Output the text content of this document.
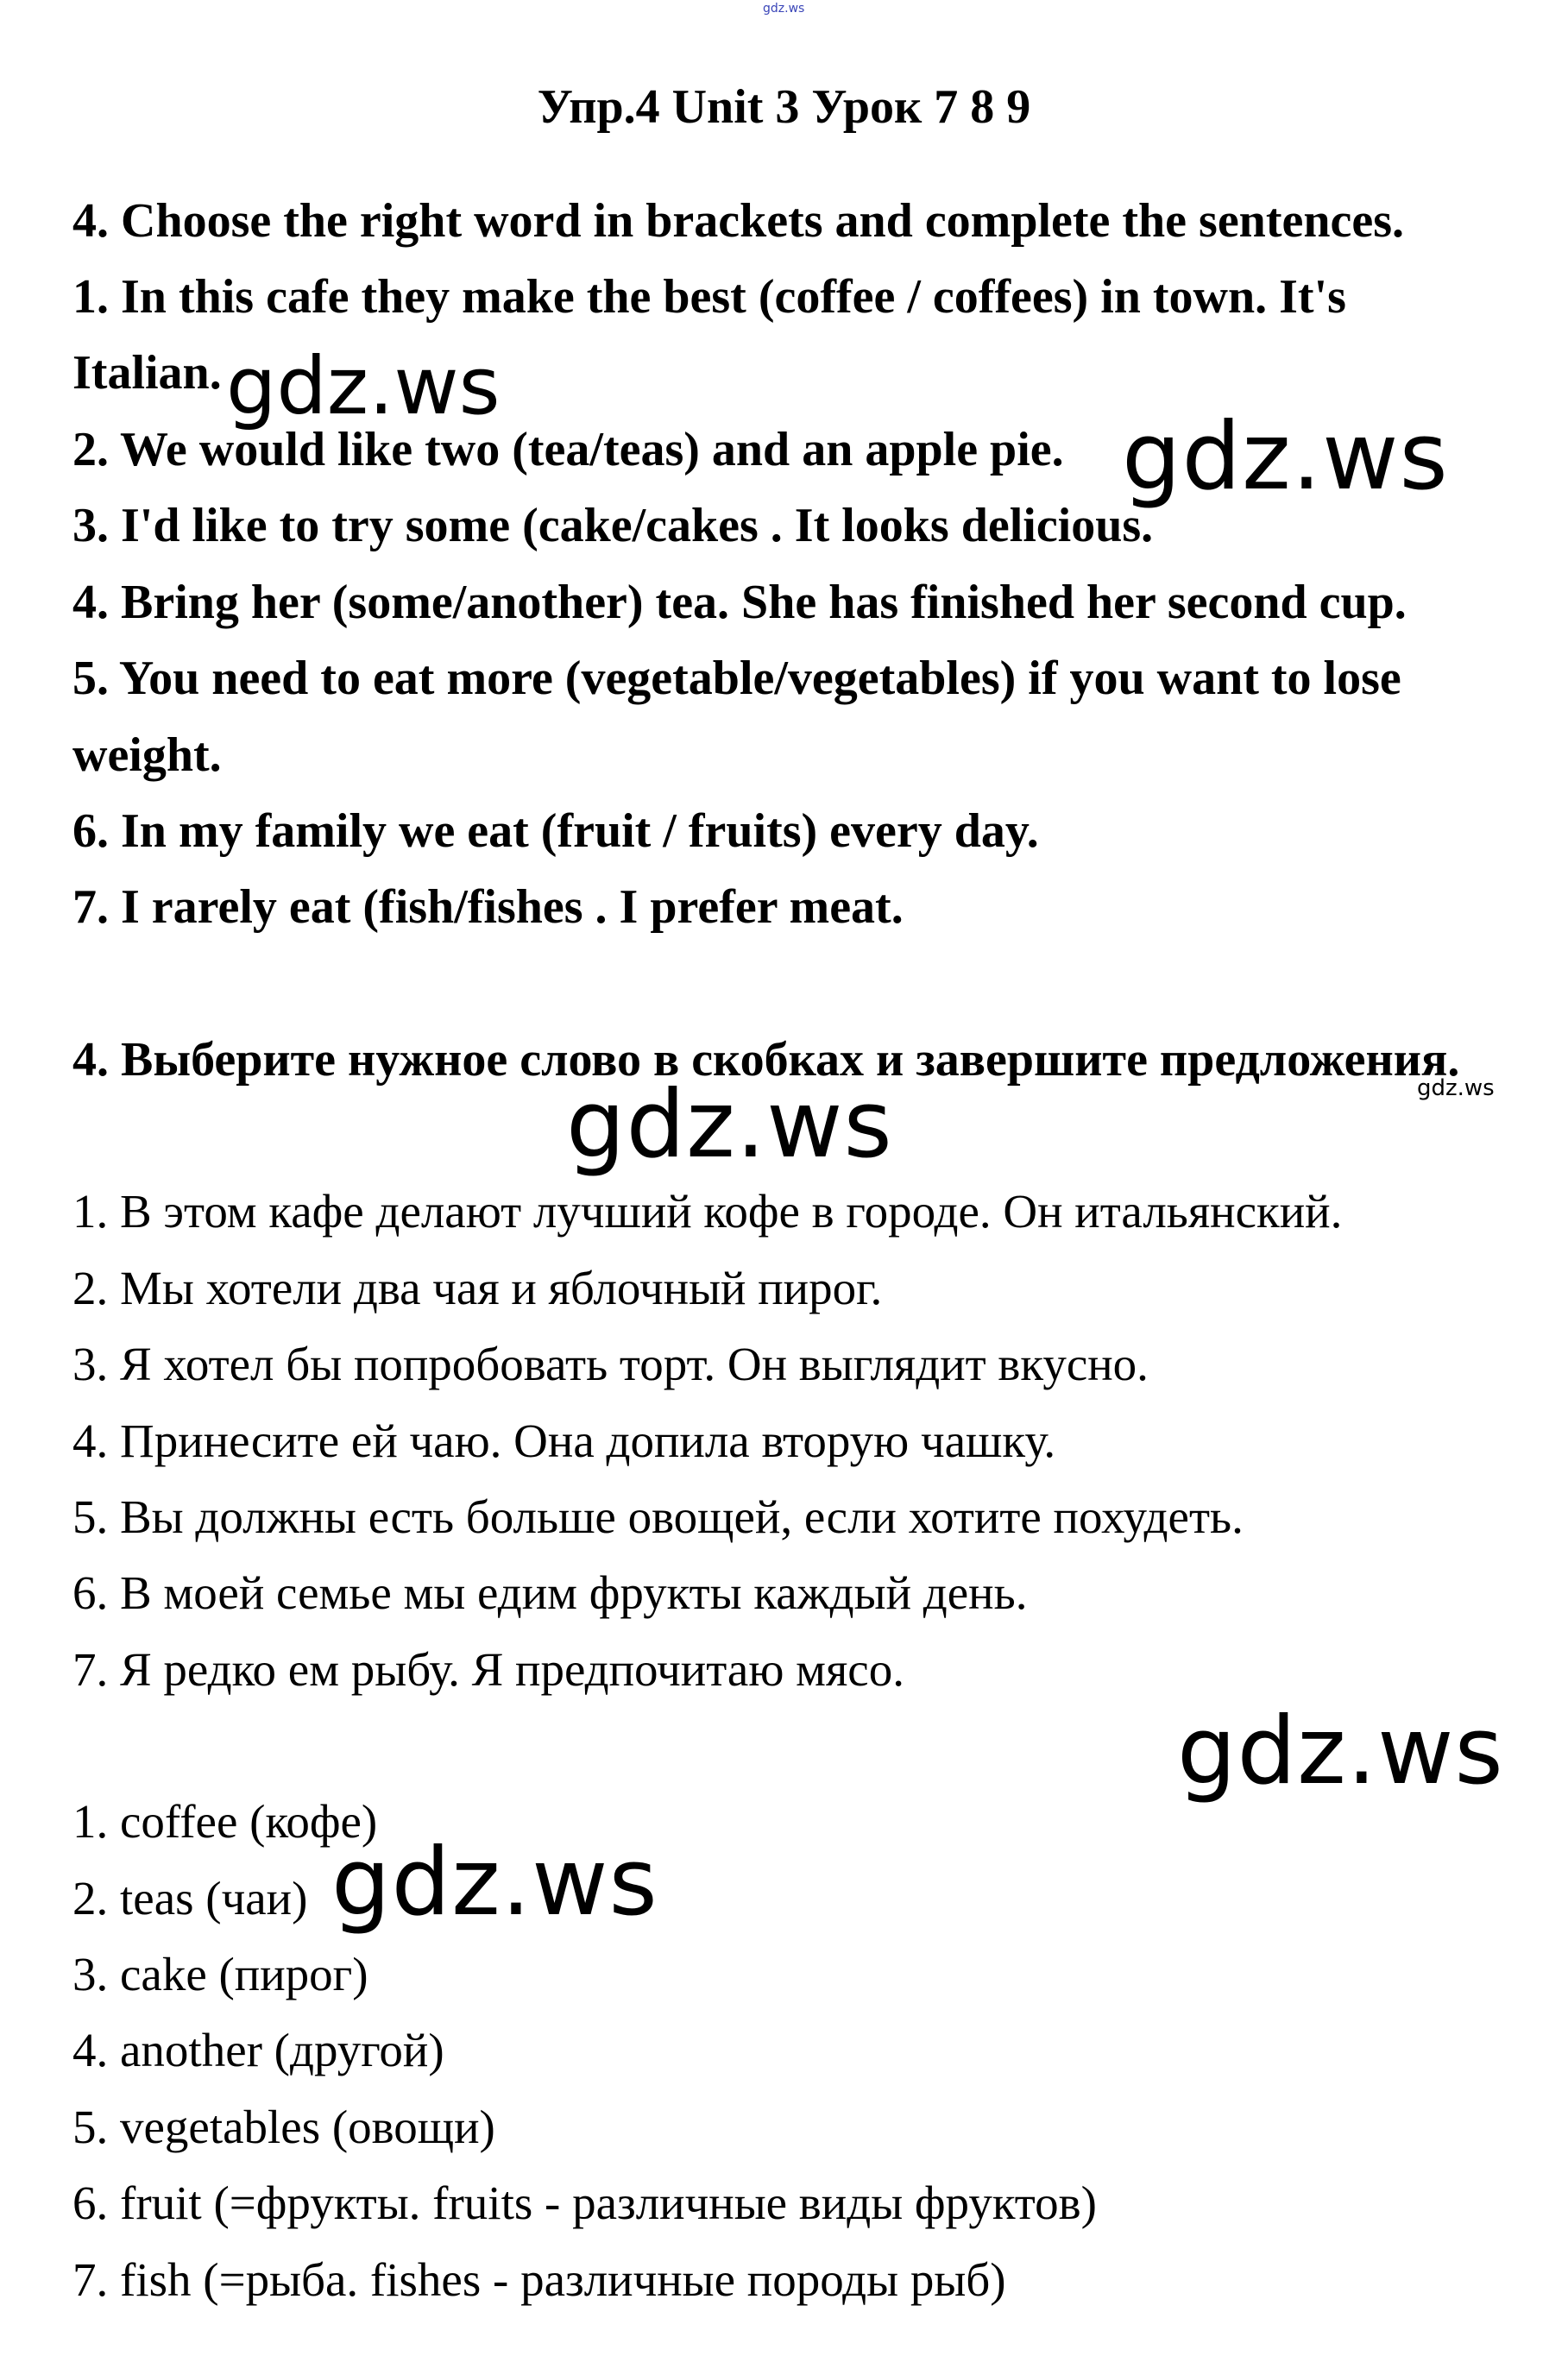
gdz.ws
Упр.4 Unit 3 Урок 7 8 9
4. Choose the right word in brackets and complete the sentences.
1. In this cafe they make the best (coffee / coffees) in town. It's
Italian.
2. We would like two (tea/teas) and an apple pie.
3. I'd like to try some (cake/cakes . It looks delicious.
4. Bring her (some/another) tea. She has finished her second cup.
5. You need to eat more (vegetable/vegetables) if you want to lose
weight.
6. In my family we eat (fruit / fruits) every day.
7. I rarely eat (fish/fishes . I prefer meat.
4. Выберите нужное слово в скобках и завершите предложения.
1. В этом кафе делают лучший кофе в городе. Он итальянский.
2. Мы хотели два чая и яблочный пирог.
3. Я хотел бы попробовать торт. Он выглядит вкусно.
4. Принесите ей чаю. Она допила вторую чашку.
5. Вы должны есть больше овощей, если хотите похудеть.
6. В моей семье мы едим фрукты каждый день.
7. Я редко ем рыбу. Я предпочитаю мясо.
1. coffee (кофе)
2. teas (чаи)
3. cake (пирог)
4. another (другой)
5. vegetables (овощи)
6. fruit (=фрукты. fruits - различные виды фруктов)
7. fish (=рыба. fishes - различные породы рыб)
gdz.ws
gdz.ws
gdz.ws
gdz.ws
gdz.ws
gdz.ws
